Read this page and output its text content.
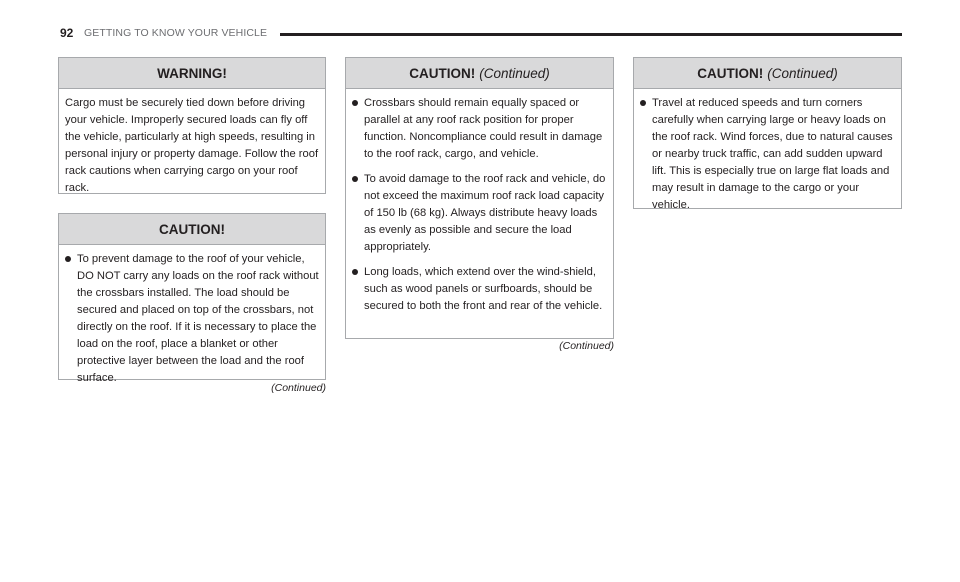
92 GETTING TO KNOW YOUR VEHICLE
WARNING!

Cargo must be securely tied down before driving your vehicle. Improperly secured loads can fly off the vehicle, particularly at high speeds, resulting in personal injury or property damage. Follow the roof rack cautions when carrying cargo on your roof rack.

CAUTION!
To prevent damage to the roof of your vehicle, DO NOT carry any loads on the roof rack without the crossbars installed. The load should be secured and placed on top of the crossbars, not directly on the roof. If it is necessary to place the load on the roof, place a blanket or other protective layer between the load and the roof surface.
(Continued)
CAUTION! (Continued)
Crossbars should remain equally spaced or parallel at any roof rack position for proper function. Noncompliance could result in damage to the roof rack, cargo, and vehicle.
To avoid damage to the roof rack and vehicle, do not exceed the maximum roof rack load capacity of 150 lb (68 kg). Always distribute heavy loads as evenly as possible and secure the load appropriately.
Long loads, which extend over the wind-shield, such as wood panels or surfboards, should be secured to both the front and rear of the vehicle.
(Continued)
CAUTION! (Continued)
Travel at reduced speeds and turn corners carefully when carrying large or heavy loads on the roof rack. Wind forces, due to natural causes or nearby truck traffic, can add sudden upward lift. This is especially true on large flat loads and may result in damage to the cargo or your vehicle.
